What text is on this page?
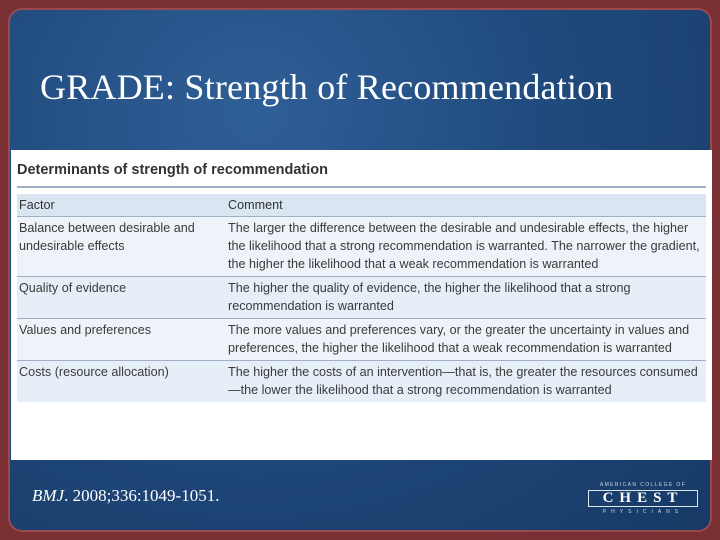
GRADE: Strength of Recommendation
Determinants of strength of recommendation
Factor	Comment
Balance between desirable and undesirable effects	The larger the difference between the desirable and undesirable effects, the higher the likelihood that a strong recommendation is warranted. The narrower the gradient, the higher the likelihood that a weak recommendation is warranted
Quality of evidence	The higher the quality of evidence, the higher the likelihood that a strong recommendation is warranted
Values and preferences	The more values and preferences vary, or the greater the uncertainty in values and preferences, the higher the likelihood that a weak recommendation is warranted
Costs (resource allocation)	The higher the costs of an intervention—that is, the greater the resources consumed—the lower the likelihood that a strong recommendation is warranted
BMJ. 2008;336:1049-1051.
AMERICAN COLLEGE OF
CHEST
PHYSICIANS
